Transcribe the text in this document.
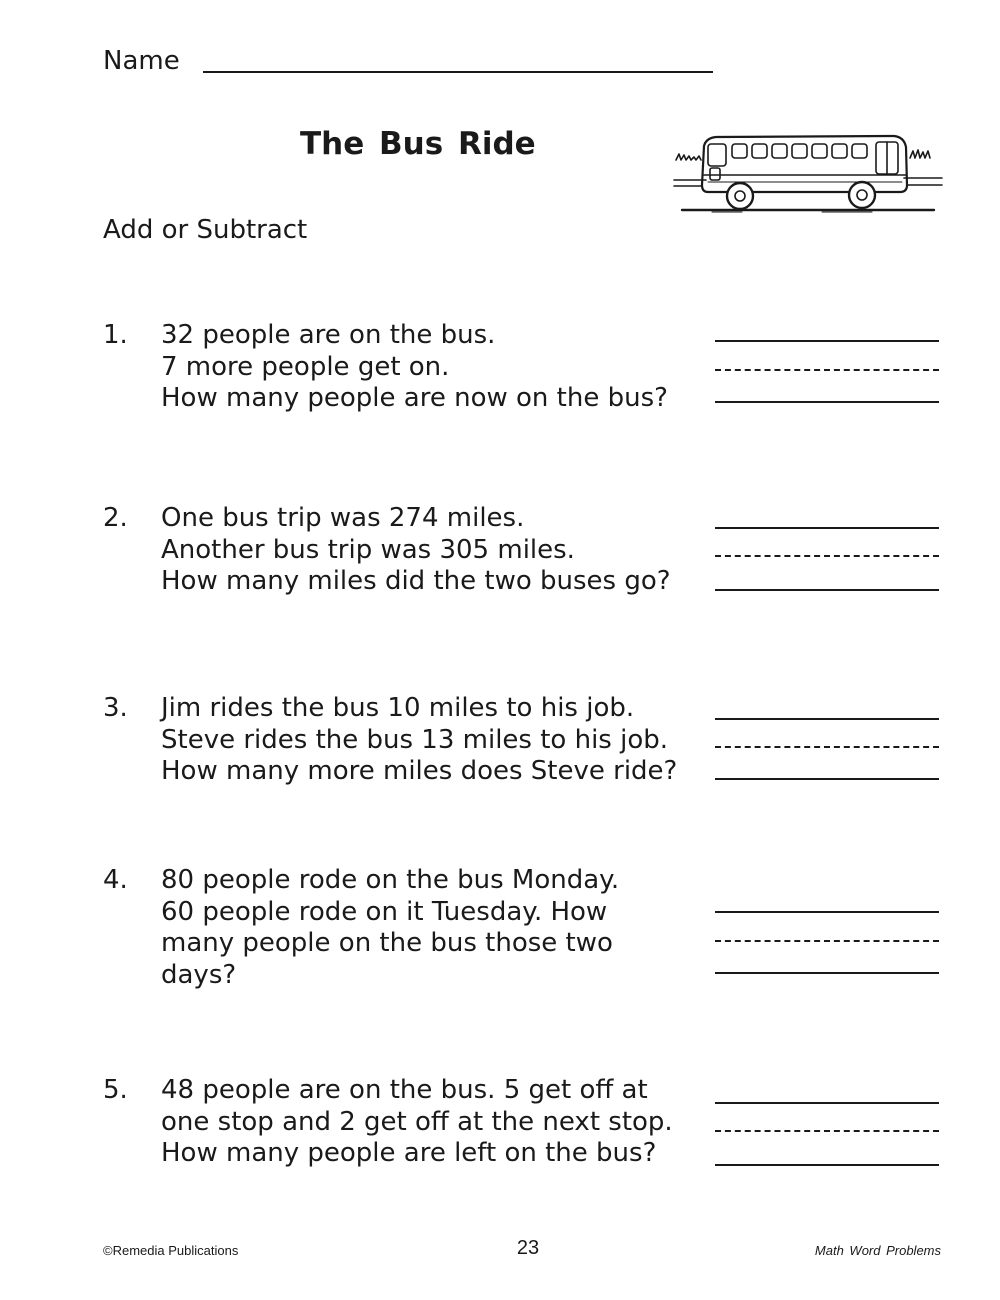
Name
The Bus Ride
Add or Subtract
1. 32 people are on the bus.
7 more people get on.
How many people are now on the bus?
2. One bus trip was 274 miles.
Another bus trip was 305 miles.
How many miles did the two buses go?
3. Jim rides the bus 10 miles to his job.
Steve rides the bus 13 miles to his job.
How many more miles does Steve ride?
4. 80 people rode on the bus Monday.
60 people rode on it Tuesday. How
many people on the bus those two
days?
5. 48 people are on the bus. 5 get off at
one stop and 2 get off at the next stop.
How many people are left on the bus?
©Remedia Publications	23	Math Word Problems
